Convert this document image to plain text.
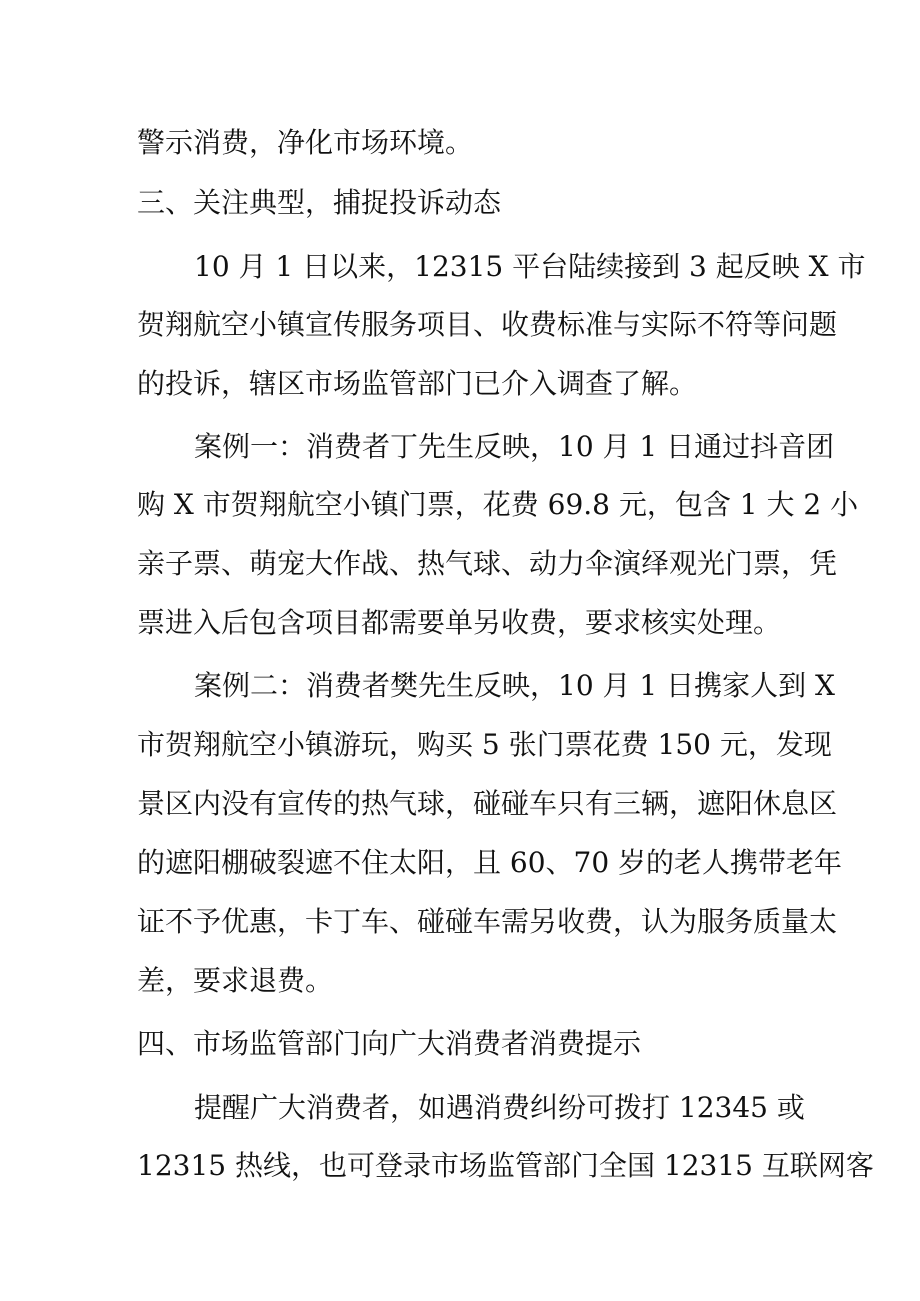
警示消费，净化市场环境。
三、关注典型，捕捉投诉动态
10 月 1 日以来，12315 平台陆续接到 3 起反映 X 市
贺翔航空小镇宣传服务项目、收费标准与实际不符等问题
的投诉，辖区市场监管部门已介入调查了解。
案例一：消费者丁先生反映，10 月 1 日通过抖音团
购 X 市贺翔航空小镇门票，花费 69.8 元，包含 1 大 2 小
亲子票、萌宠大作战、热气球、动力伞演绎观光门票，凭
票进入后包含项目都需要单另收费，要求核实处理。
案例二：消费者樊先生反映，10 月 1 日携家人到 X
市贺翔航空小镇游玩，购买 5 张门票花费 150 元，发现
景区内没有宣传的热气球，碰碰车只有三辆，遮阳休息区
的遮阳棚破裂遮不住太阳，且 60、70 岁的老人携带老年
证不予优惠，卡丁车、碰碰车需另收费，认为服务质量太
差，要求退费。
四、市场监管部门向广大消费者消费提示
提醒广大消费者，如遇消费纠纷可拨打 12345 或
12315 热线，也可登录市场监管部门全国 12315 互联网客
